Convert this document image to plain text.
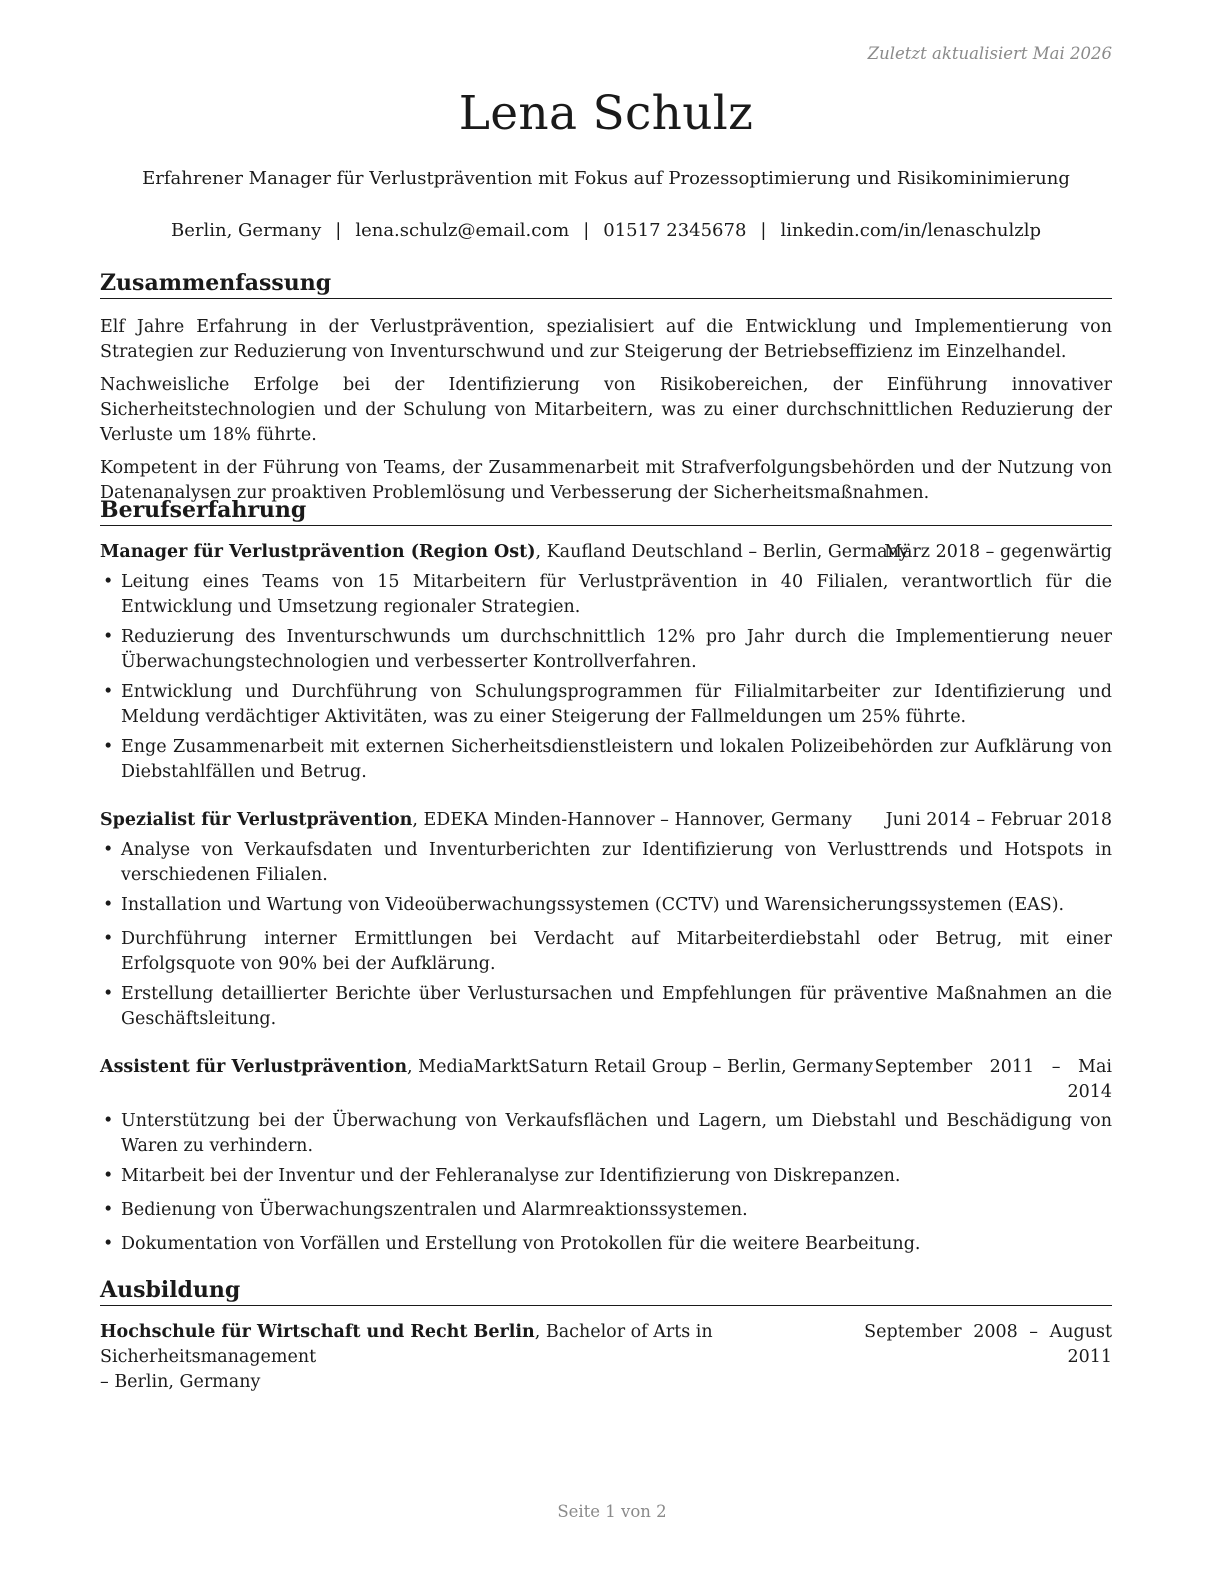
Zuletzt aktualisiert Mai 2026
Lena Schulz
Erfahrener Manager für Verlustprävention mit Fokus auf Prozessoptimierung und Risikominimierung
Berlin, Germany | lena.schulz@email.com | 01517 2345678 | linkedin.com/in/lenaschulzlp
Zusammenfassung

Elf Jahre Erfahrung in der Verlustprävention, spezialisiert auf die Entwicklung und Implementierung von Strategien zur Reduzierung von Inventurschwund und zur Steigerung der Betriebseffizienz im Einzelhandel.

Nachweisliche Erfolge bei der Identifizierung von Risikobereichen, der Einführung innovativer Sicherheitstechnologien und der Schulung von Mitarbeitern, was zu einer durchschnittlichen Reduzierung der Verluste um 18% führte.

Kompetent in der Führung von Teams, der Zusammenarbeit mit Strafverfolgungsbehörden und der Nutzung von Datenanalysen zur proaktiven Problemlösung und Verbesserung der Sicherheitsmaßnahmen.

Berufserfahrung
Manager für Verlustprävention (Region Ost), Kaufland Deutschland – Berlin, Germany
März 2018 – gegenwärtig
• Leitung eines Teams von 15 Mitarbeitern für Verlustprävention in 40 Filialen, verantwortlich für die Entwicklung und Umsetzung regionaler Strategien.
• Reduzierung des Inventurschwunds um durchschnittlich 12% pro Jahr durch die Implementierung neuer Überwachungstechnologien und verbesserter Kontrollverfahren.
• Entwicklung und Durchführung von Schulungsprogrammen für Filialmitarbeiter zur Identifizierung und Meldung verdächtiger Aktivitäten, was zu einer Steigerung der Fallmeldungen um 25% führte.
• Enge Zusammenarbeit mit externen Sicherheitsdienstleistern und lokalen Polizeibehörden zur Aufklärung von Diebstahlfällen und Betrug.
Spezialist für Verlustprävention, EDEKA Minden-Hannover – Hannover, Germany Juni 2014 – Februar 2018
• Analyse von Verkaufsdaten und Inventurberichten zur Identifizierung von Verlusttrends und Hotspots in verschiedenen Filialen.
• Installation und Wartung von Videoüberwachungssystemen (CCTV) und Warensicherungssystemen (EAS).
• Durchführung interner Ermittlungen bei Verdacht auf Mitarbeiterdiebstahl oder Betrug, mit einer Erfolgsquote von 90% bei der Aufklärung.
• Erstellung detaillierter Berichte über Verlustursachen und Empfehlungen für präventive Maßnahmen an die Geschäftsleitung.
Assistent für Verlustprävention, MediaMarktSaturn Retail Group – Berlin, Germany September 2011 – Mai
2014
• Unterstützung bei der Überwachung von Verkaufsflächen und Lagern, um Diebstahl und Beschädigung von Waren zu verhindern.
• Mitarbeit bei der Inventur und der Fehleranalyse zur Identifizierung von Diskrepanzen.
• Bedienung von Überwachungszentralen und Alarmreaktionssystemen.
• Dokumentation von Vorfällen und Erstellung von Protokollen für die weitere Bearbeitung.
Ausbildung
Hochschule für Wirtschaft und Recht Berlin, Bachelor of Arts in Sicherheitsmanagement
– Berlin, Germany
September 2008 – August
2011
Seite 1 von 2
